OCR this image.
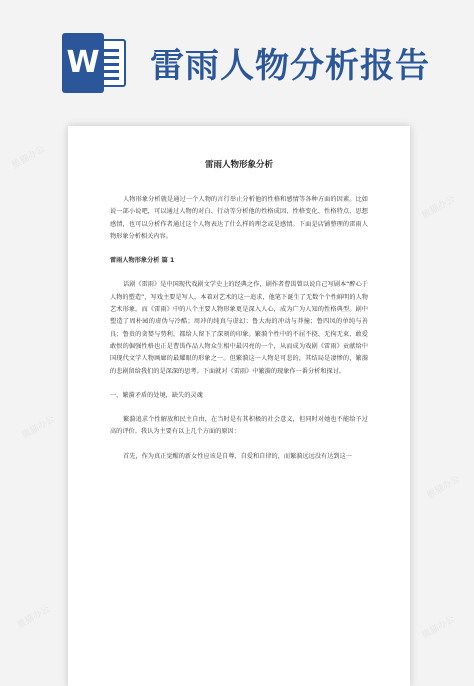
W 雷雨人物分析报告
雷雨人物形象分析

人物形象分析就是通过一个人物的言行举止分析他的性格和感情等各种方面的因素。比如说一部小说吧，可以通过人物的对白、行动等分析他的性格成因、性格变化、性格特点、思想感情，也可以分析作者通过这个人物表达了什么样的理念或是感情。下面是店铺整理的雷雨人物形象分析相关内容。

雷雨人物形象分析 篇 1

话剧《雷雨》是中国现代戏剧文学史上的经典之作，剧作者曹禺曾以说自己写剧本“醉心于人物的塑造”，写戏主要是写人，本着对艺术的这一追求，他笔下诞生了无数个个性鲜明的人物艺术形象。而《雷雨》中的八个主要人物形象更是深入人心，成为广为人知的性格典型。剧中塑造了周朴园的虚伪与冷酷；周冲的纯真与虚幻；鲁大海的冲动与莽撞；鲁四凤的单纯与善良；鲁贵的贪婪与势利，都给人留下了深刻的印象。繁漪个性中的不屈不挠、无拘无束、敢爱敢恨的倔强性格也正是曹禺作品人物众生相中最闪亮的一个，从而成为戏剧《雷雨》贡献给中国现代文学人物画廊的最耀眼的形象之一。但繁漪这一人物是可悲的，其结局是凄惨的，繁漪的悲剧留给我们的是深深的思考。下面就对《雷雨》中繁漪的现象作一番分析和探讨。

一、繁漪矛盾的处境，缺失的灵魂

繁漪追求个性解放和民主自由，在当时是有其积极的社会意义，但同时对她也不能给予过高的评价。我认为主要有以上几个方面的原因：

首先，作为真正觉醒的新女性应该是自尊、自爱和自律的，而繁漪远远没有达到这一

熊猫办公
熊猫办公
熊猫办公
熊猫办公
熊猫办公	熊猫办公
